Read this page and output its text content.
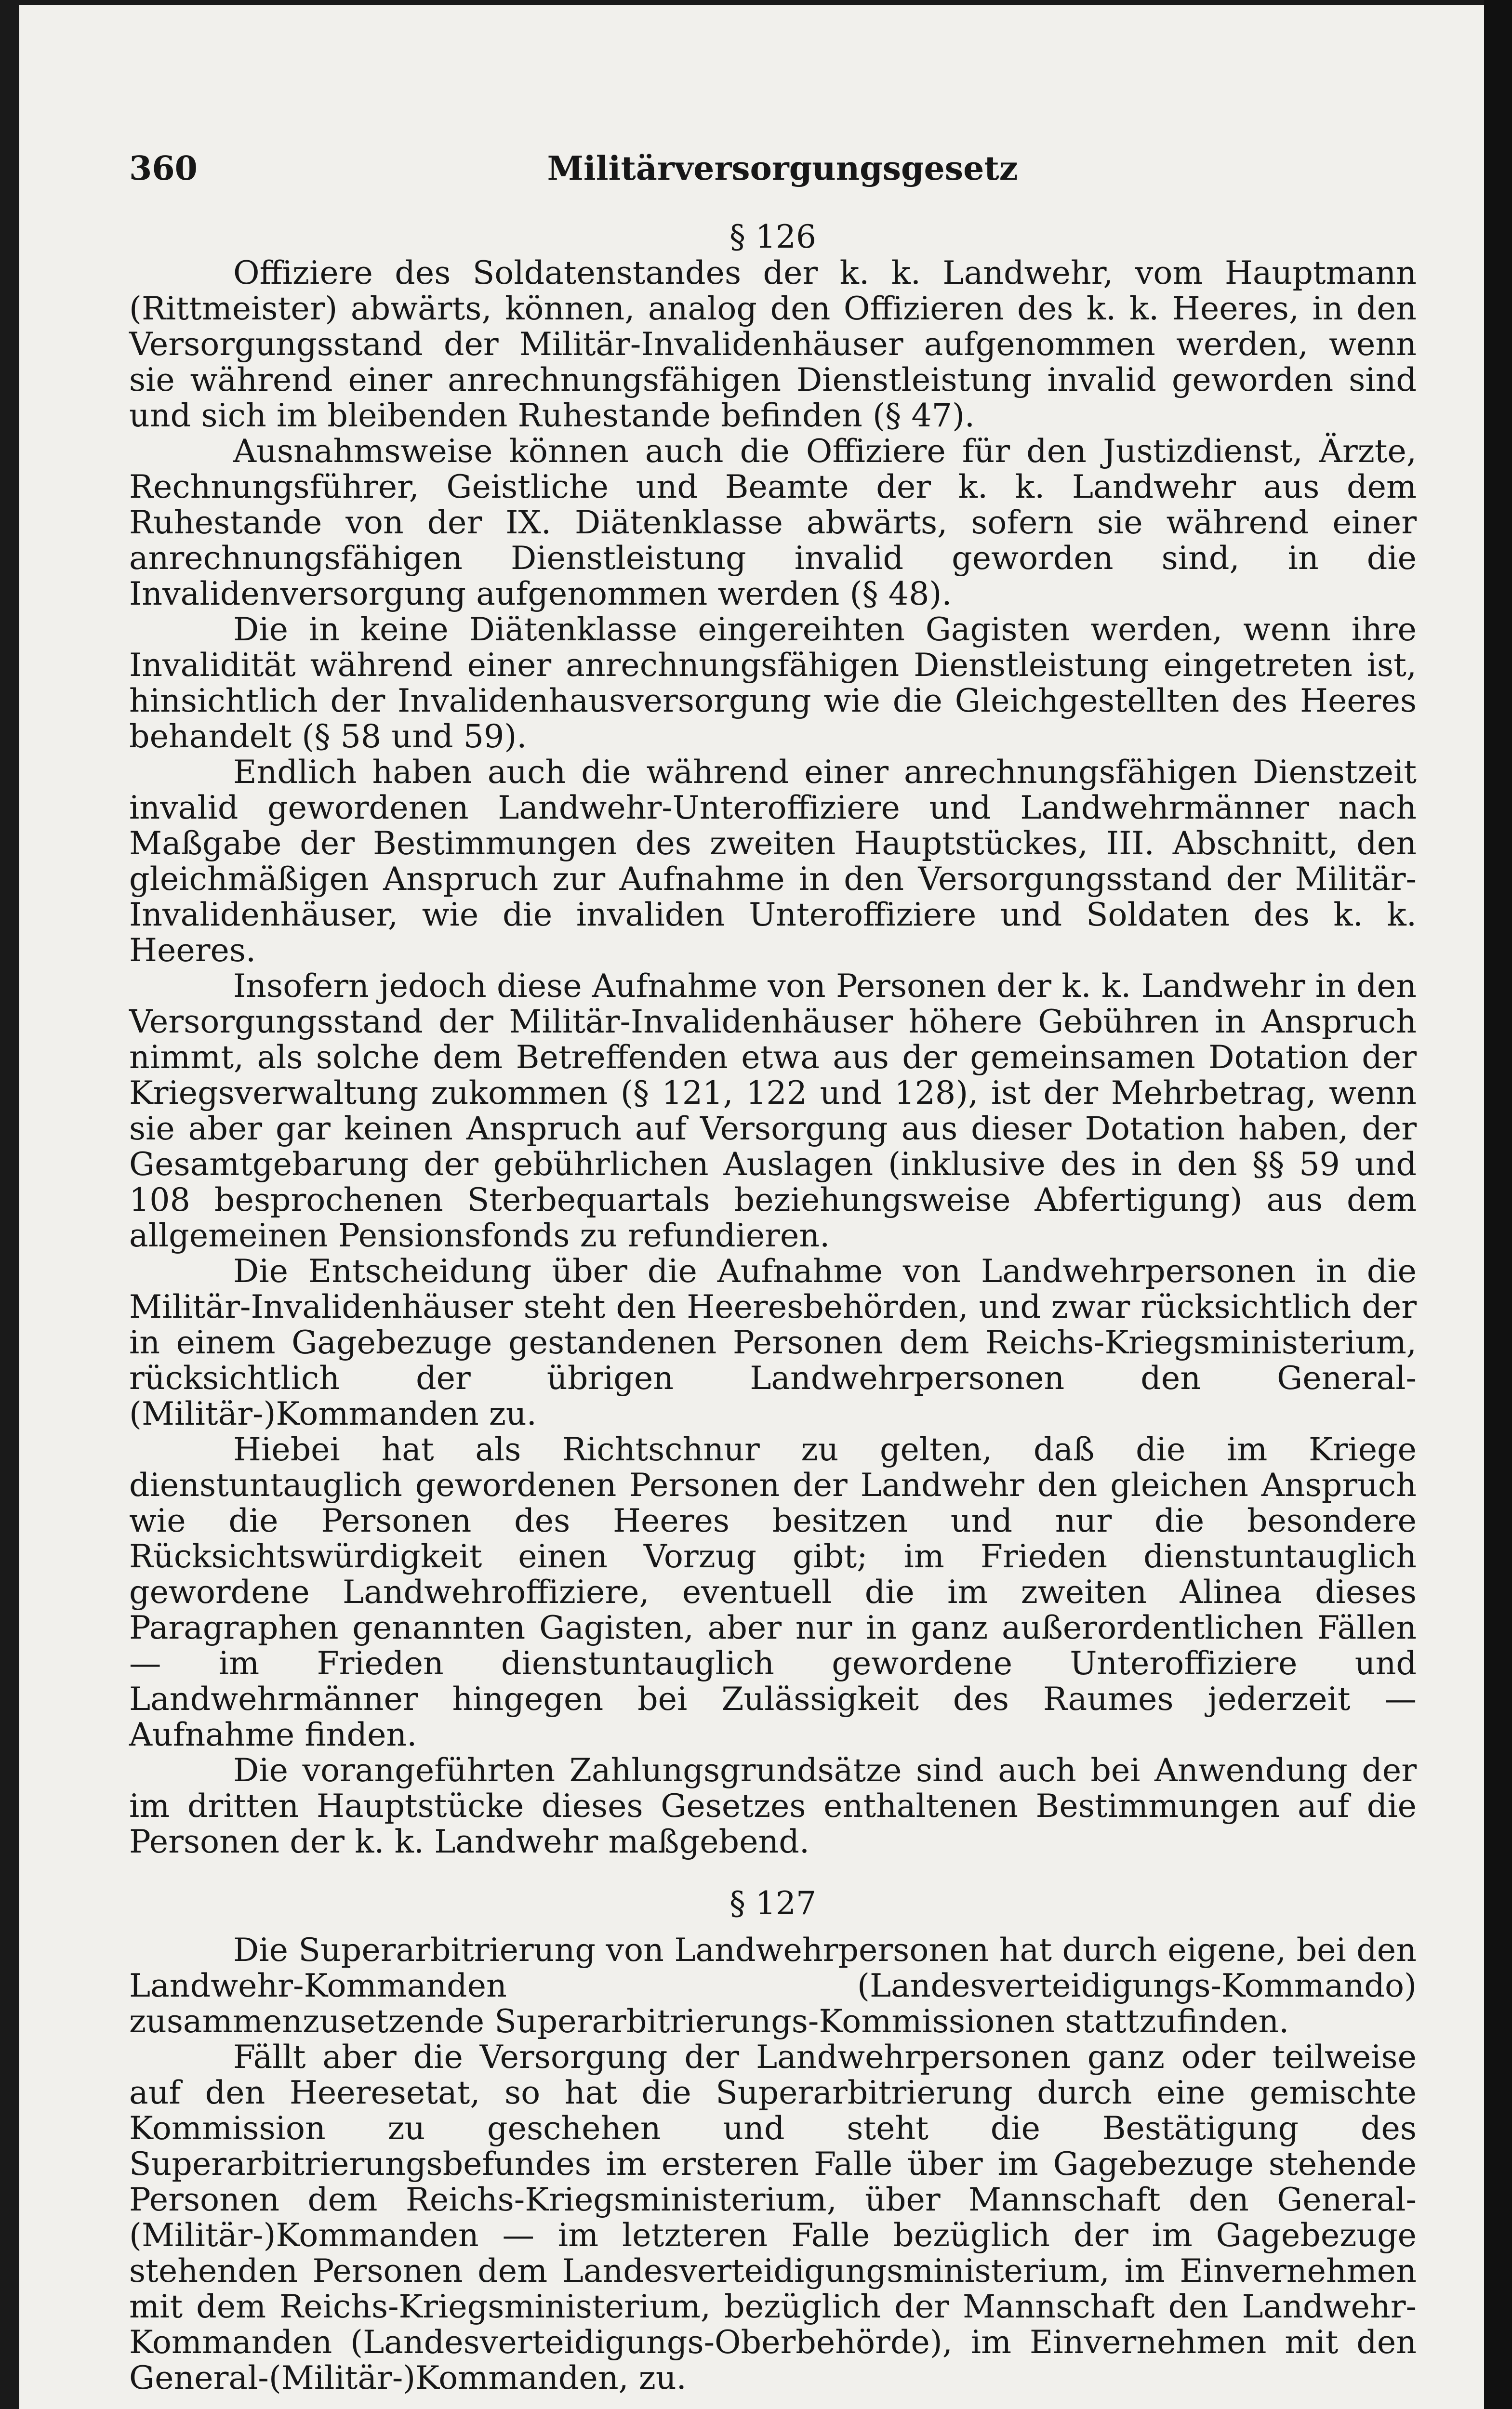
360	Militärversorgungsgesetz
§ 126

Offiziere des Soldatenstandes der k. k. Landwehr, vom Hauptmann (Rittmeister) abwärts, können, analog den Offizieren des k. k. Heeres, in den Versorgungsstand der Militär-Invalidenhäuser aufgenommen werden, wenn sie während einer anrechnungsfähigen Dienstleistung invalid geworden sind und sich im bleibenden Ruhestande befinden (§ 47).

Ausnahmsweise können auch die Offiziere für den Justizdienst, Ärzte, Rechnungsführer, Geistliche und Beamte der k. k. Landwehr aus dem Ruhestande von der IX. Diätenklasse abwärts, sofern sie während einer anrechnungsfähigen Dienstleistung invalid geworden sind, in die Invalidenversorgung aufgenommen werden (§ 48).

Die in keine Diätenklasse eingereihten Gagisten werden, wenn ihre Invalidität während einer anrechnungsfähigen Dienstleistung eingetreten ist, hinsichtlich der Invalidenhausversorgung wie die Gleichgestellten des Heeres behandelt (§ 58 und 59).

Endlich haben auch die während einer anrechnungsfähigen Dienstzeit invalid gewordenen Landwehr-Unteroffiziere und Landwehrmänner nach Maßgabe der Bestimmungen des zweiten Hauptstückes, III. Abschnitt, den gleichmäßigen Anspruch zur Aufnahme in den Versorgungsstand der Militär-Invalidenhäuser, wie die invaliden Unteroffiziere und Soldaten des k. k. Heeres.

Insofern jedoch diese Aufnahme von Personen der k. k. Landwehr in den Versorgungsstand der Militär-Invalidenhäuser höhere Gebühren in Anspruch nimmt, als solche dem Betreffenden etwa aus der gemeinsamen Dotation der Kriegsverwaltung zukommen (§ 121, 122 und 128), ist der Mehrbetrag, wenn sie aber gar keinen Anspruch auf Versorgung aus dieser Dotation haben, der Gesamtgebarung der gebührlichen Auslagen (inklusive des in den §§ 59 und 108 besprochenen Sterbequartals beziehungsweise Abfertigung) aus dem allgemeinen Pensionsfonds zu refundieren.

Die Entscheidung über die Aufnahme von Landwehrpersonen in die Militär-Invalidenhäuser steht den Heeresbehörden, und zwar rücksichtlich der in einem Gagebezuge gestandenen Personen dem Reichs-Kriegsministerium, rücksichtlich der übrigen Landwehrpersonen den General-(Militär-)Kommanden zu.

Hiebei hat als Richtschnur zu gelten, daß die im Kriege dienstuntauglich gewordenen Personen der Landwehr den gleichen Anspruch wie die Personen des Heeres besitzen und nur die besondere Rücksichtswürdigkeit einen Vorzug gibt; im Frieden dienstuntauglich gewordene Landwehroffiziere, eventuell die im zweiten Alinea dieses Paragraphen genannten Gagisten, aber nur in ganz außerordentlichen Fällen — im Frieden dienstuntauglich gewordene Unteroffiziere und Landwehrmänner hingegen bei Zulässigkeit des Raumes jederzeit — Aufnahme finden.

Die vorangeführten Zahlungsgrundsätze sind auch bei Anwendung der im dritten Hauptstücke dieses Gesetzes enthaltenen Bestimmungen auf die Personen der k. k. Landwehr maßgebend.

§ 127

Die Superarbitrierung von Landwehrpersonen hat durch eigene, bei den Landwehr-Kommanden (Landesverteidigungs-Kommando) zusammenzusetzende Superarbitrierungs-Kommissionen stattzufinden.

Fällt aber die Versorgung der Landwehrpersonen ganz oder teilweise auf den Heeresetat, so hat die Superarbitrierung durch eine gemischte Kommission zu geschehen und steht die Bestätigung des Superarbitrierungsbefundes im ersteren Falle über im Gagebezuge stehende Personen dem Reichs-Kriegsministerium, über Mannschaft den General-(Militär-)Kommanden — im letzteren Falle bezüglich der im Gagebezuge stehenden Personen dem Landesverteidigungsministerium, im Einvernehmen mit dem Reichs-Kriegsministerium, bezüglich der Mannschaft den Landwehr-Kommanden (Landesverteidigungs-Oberbehörde), im Einvernehmen mit den General-(Militär-)Kommanden, zu.
